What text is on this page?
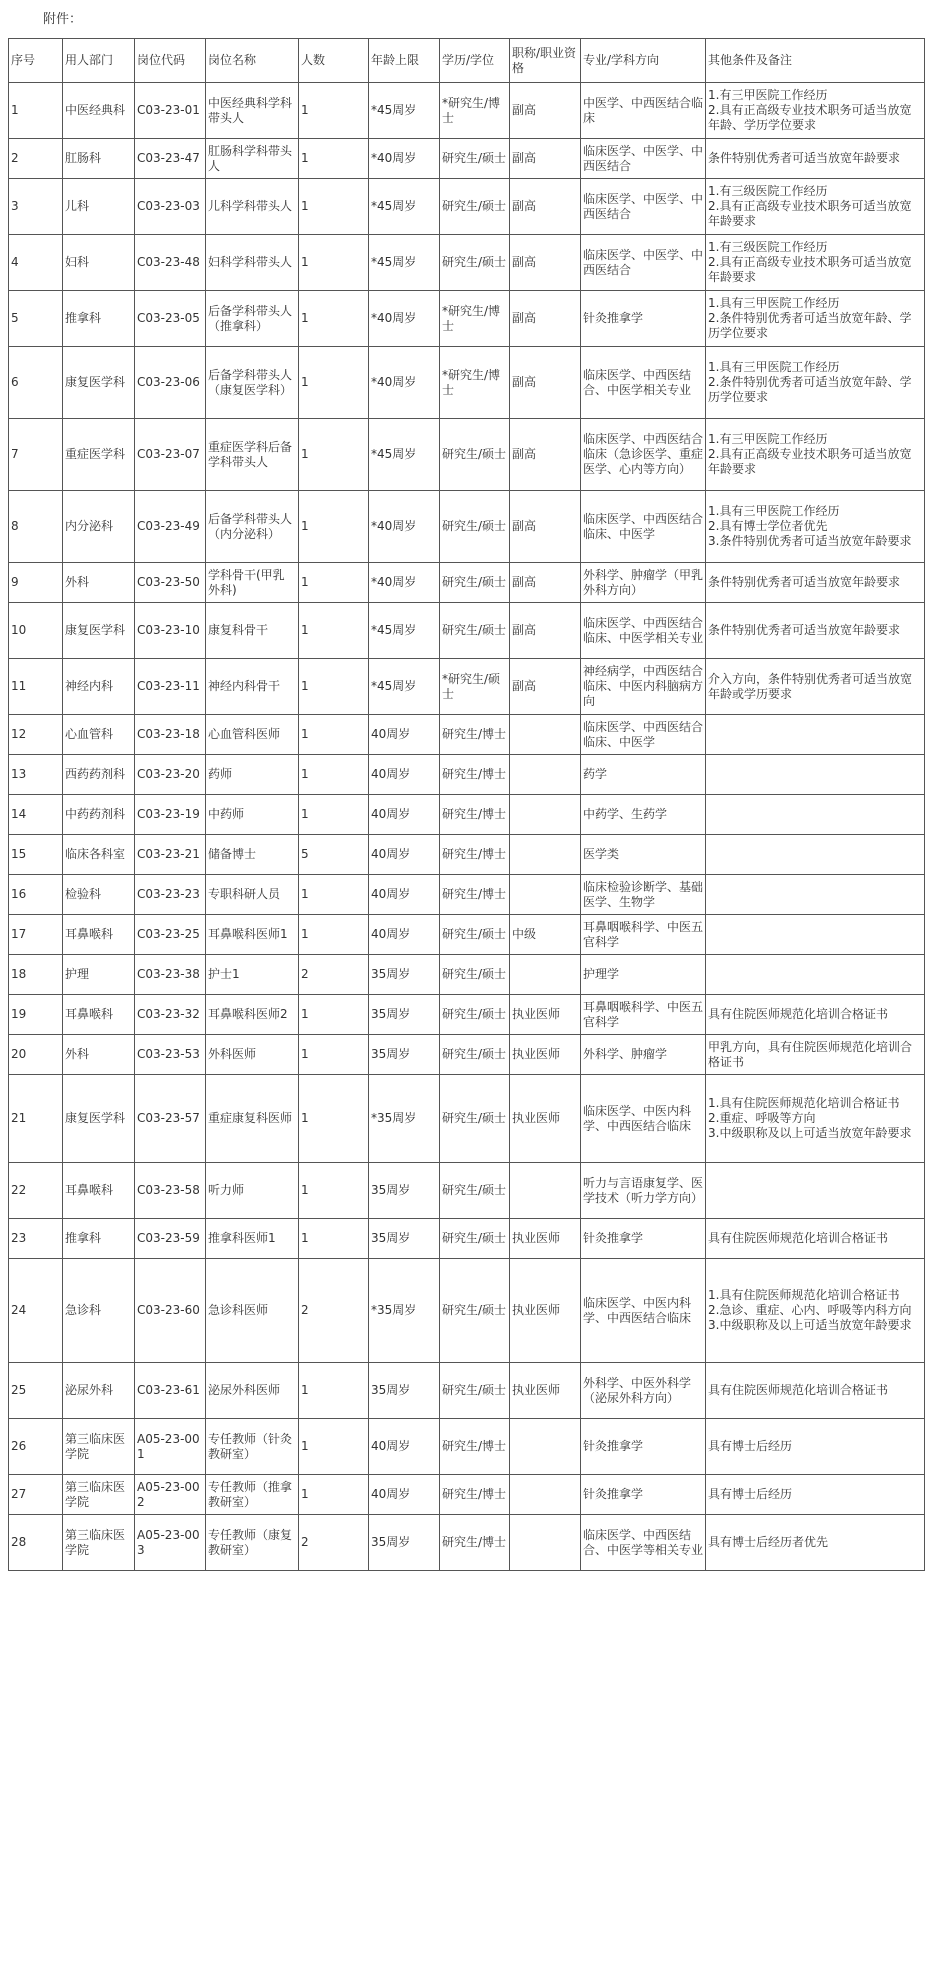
附件：
序号	用人部门	岗位代码	岗位名称	人数	年龄上限	学历/学位	职称/职业资格	专业/学科方向	其他条件及备注

1	中医经典科	C03-23-01	中医经典科学科带头人	1	*45周岁	*研究生/博士	副高	中医学、中西医结合临床	1.有三甲医院工作经历
2.具有正高级专业技术职务可适当放宽年龄、学历学位要求

2	肛肠科	C03-23-47	肛肠科学科带头人	1	*40周岁	研究生/硕士	副高	临床医学、中医学、中西医结合	条件特别优秀者可适当放宽年龄要求

3	儿科	C03-23-03	儿科学科带头人	1	*45周岁	研究生/硕士	副高	临床医学、中医学、中西医结合	1.有三级医院工作经历
2.具有正高级专业技术职务可适当放宽年龄要求

4	妇科	C03-23-48	妇科学科带头人	1	*45周岁	研究生/硕士	副高	临床医学、中医学、中西医结合	1.有三级医院工作经历
2.具有正高级专业技术职务可适当放宽年龄要求

5	推拿科	C03-23-05	后备学科带头人（推拿科）	1	*40周岁	*研究生/博士	副高	针灸推拿学	1.具有三甲医院工作经历
2.条件特别优秀者可适当放宽年龄、学历学位要求

6	康复医学科	C03-23-06	后备学科带头人（康复医学科）	1	*40周岁	*研究生/博士	副高	临床医学、中西医结合、中医学相关专业	1.具有三甲医院工作经历
2.条件特别优秀者可适当放宽年龄、学历学位要求

7	重症医学科	C03-23-07	重症医学科后备学科带头人	1	*45周岁	研究生/硕士	副高	临床医学、中西医结合临床（急诊医学、重症医学、心内等方向）	1.有三甲医院工作经历
2.具有正高级专业技术职务可适当放宽年龄要求

8	内分泌科	C03-23-49	后备学科带头人（内分泌科）	1	*40周岁	研究生/硕士	副高	临床医学、中西医结合临床、中医学	1.具有三甲医院工作经历
2.具有博士学位者优先
3.条件特别优秀者可适当放宽年龄要求

9	外科	C03-23-50	学科骨干(甲乳外科)	1	*40周岁	研究生/硕士	副高	外科学、肿瘤学（甲乳外科方向）	条件特别优秀者可适当放宽年龄要求

10	康复医学科	C03-23-10	康复科骨干	1	*45周岁	研究生/硕士	副高	临床医学、中西医结合临床、中医学相关专业	条件特别优秀者可适当放宽年龄要求

11	神经内科	C03-23-11	神经内科骨干	1	*45周岁	*研究生/硕士	副高	神经病学，中西医结合临床、中医内科脑病方向	介入方向，条件特别优秀者可适当放宽年龄或学历要求

12	心血管科	C03-23-18	心血管科医师	1	40周岁	研究生/博士		临床医学、中西医结合临床、中医学	

13	西药药剂科	C03-23-20	药师	1	40周岁	研究生/博士		药学	

14	中药药剂科	C03-23-19	中药师	1	40周岁	研究生/博士		中药学、生药学	

15	临床各科室	C03-23-21	储备博士	5	40周岁	研究生/博士		医学类	

16	检验科	C03-23-23	专职科研人员	1	40周岁	研究生/博士		临床检验诊断学、基础医学、生物学	

17	耳鼻喉科	C03-23-25	耳鼻喉科医师1	1	40周岁	研究生/硕士	中级	耳鼻咽喉科学、中医五官科学	

18	护理	C03-23-38	护士1	2	35周岁	研究生/硕士		护理学	

19	耳鼻喉科	C03-23-32	耳鼻喉科医师2	1	35周岁	研究生/硕士	执业医师	耳鼻咽喉科学、中医五官科学	具有住院医师规范化培训合格证书

20	外科	C03-23-53	外科医师	1	35周岁	研究生/硕士	执业医师	外科学、肿瘤学	甲乳方向，具有住院医师规范化培训合格证书

21	康复医学科	C03-23-57	重症康复科医师	1	*35周岁	研究生/硕士	执业医师	临床医学、中医内科学、中西医结合临床	1.具有住院医师规范化培训合格证书
2.重症、呼吸等方向
3.中级职称及以上可适当放宽年龄要求

22	耳鼻喉科	C03-23-58	听力师	1	35周岁	研究生/硕士		听力与言语康复学、医学技术（听力学方向）	

23	推拿科	C03-23-59	推拿科医师1	1	35周岁	研究生/硕士	执业医师	针灸推拿学	具有住院医师规范化培训合格证书

24	急诊科	C03-23-60	急诊科医师	2	*35周岁	研究生/硕士	执业医师	临床医学、中医内科学、中西医结合临床	1.具有住院医师规范化培训合格证书
2.急诊、重症、心内、呼吸等内科方向
3.中级职称及以上可适当放宽年龄要求

25	泌尿外科	C03-23-61	泌尿外科医师	1	35周岁	研究生/硕士	执业医师	外科学、中医外科学（泌尿外科方向）	具有住院医师规范化培训合格证书

26	第三临床医学院	A05-23-001	专任教师（针灸教研室）	1	40周岁	研究生/博士		针灸推拿学	具有博士后经历

27	第三临床医学院	A05-23-002	专任教师（推拿教研室）	1	40周岁	研究生/博士		针灸推拿学	具有博士后经历

28	第三临床医学院	A05-23-003	专任教师（康复教研室）	2	35周岁	研究生/博士		临床医学、中西医结合、中医学等相关专业	具有博士后经历者优先
